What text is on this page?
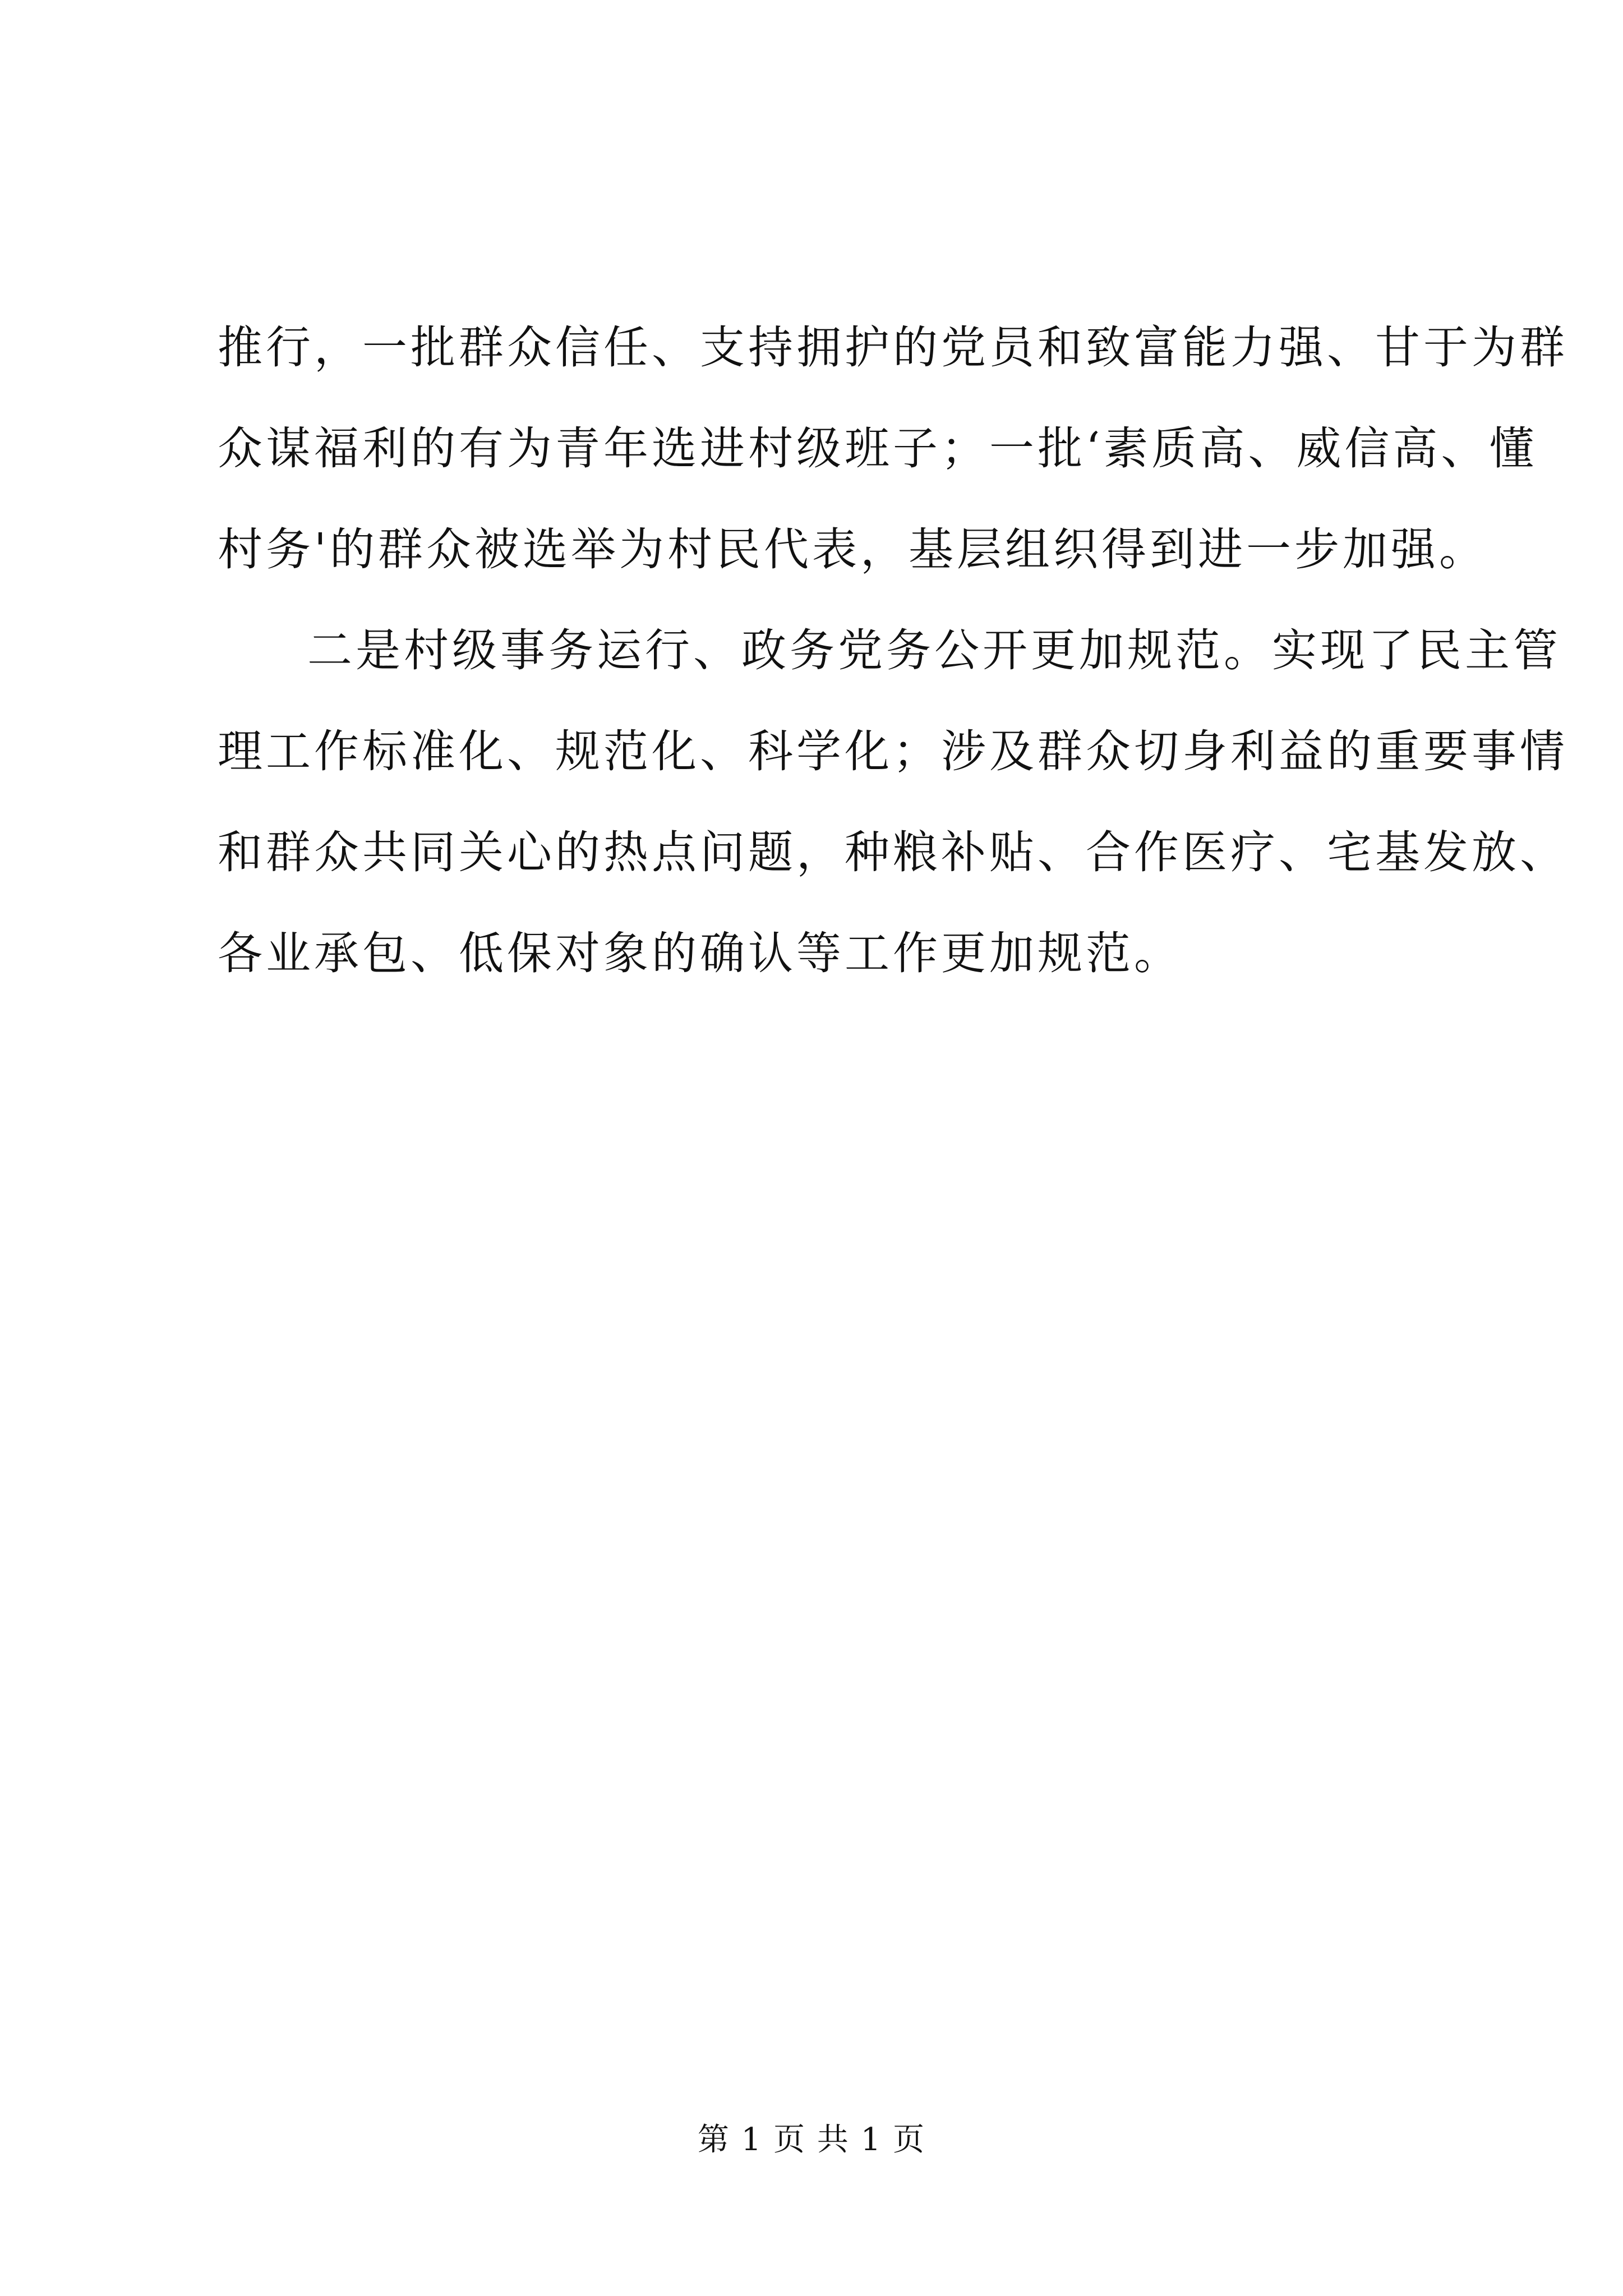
推行，一批群众信任、支持拥护的党员和致富能力强、甘于为群
众谋福利的有为青年选进村级班子；一批‘素质高、威信高、懂
村务'的群众被选举为村民代表，基层组织得到进一步加强。
二是村级事务运行、政务党务公开更加规范。实现了民主管
理工作标准化、规范化、科学化；涉及群众切身利益的重要事情
和群众共同关心的热点问题，种粮补贴、合作医疗、宅基发放、
各业承包、低保对象的确认等工作更加规范。
第 1 页 共 1 页
